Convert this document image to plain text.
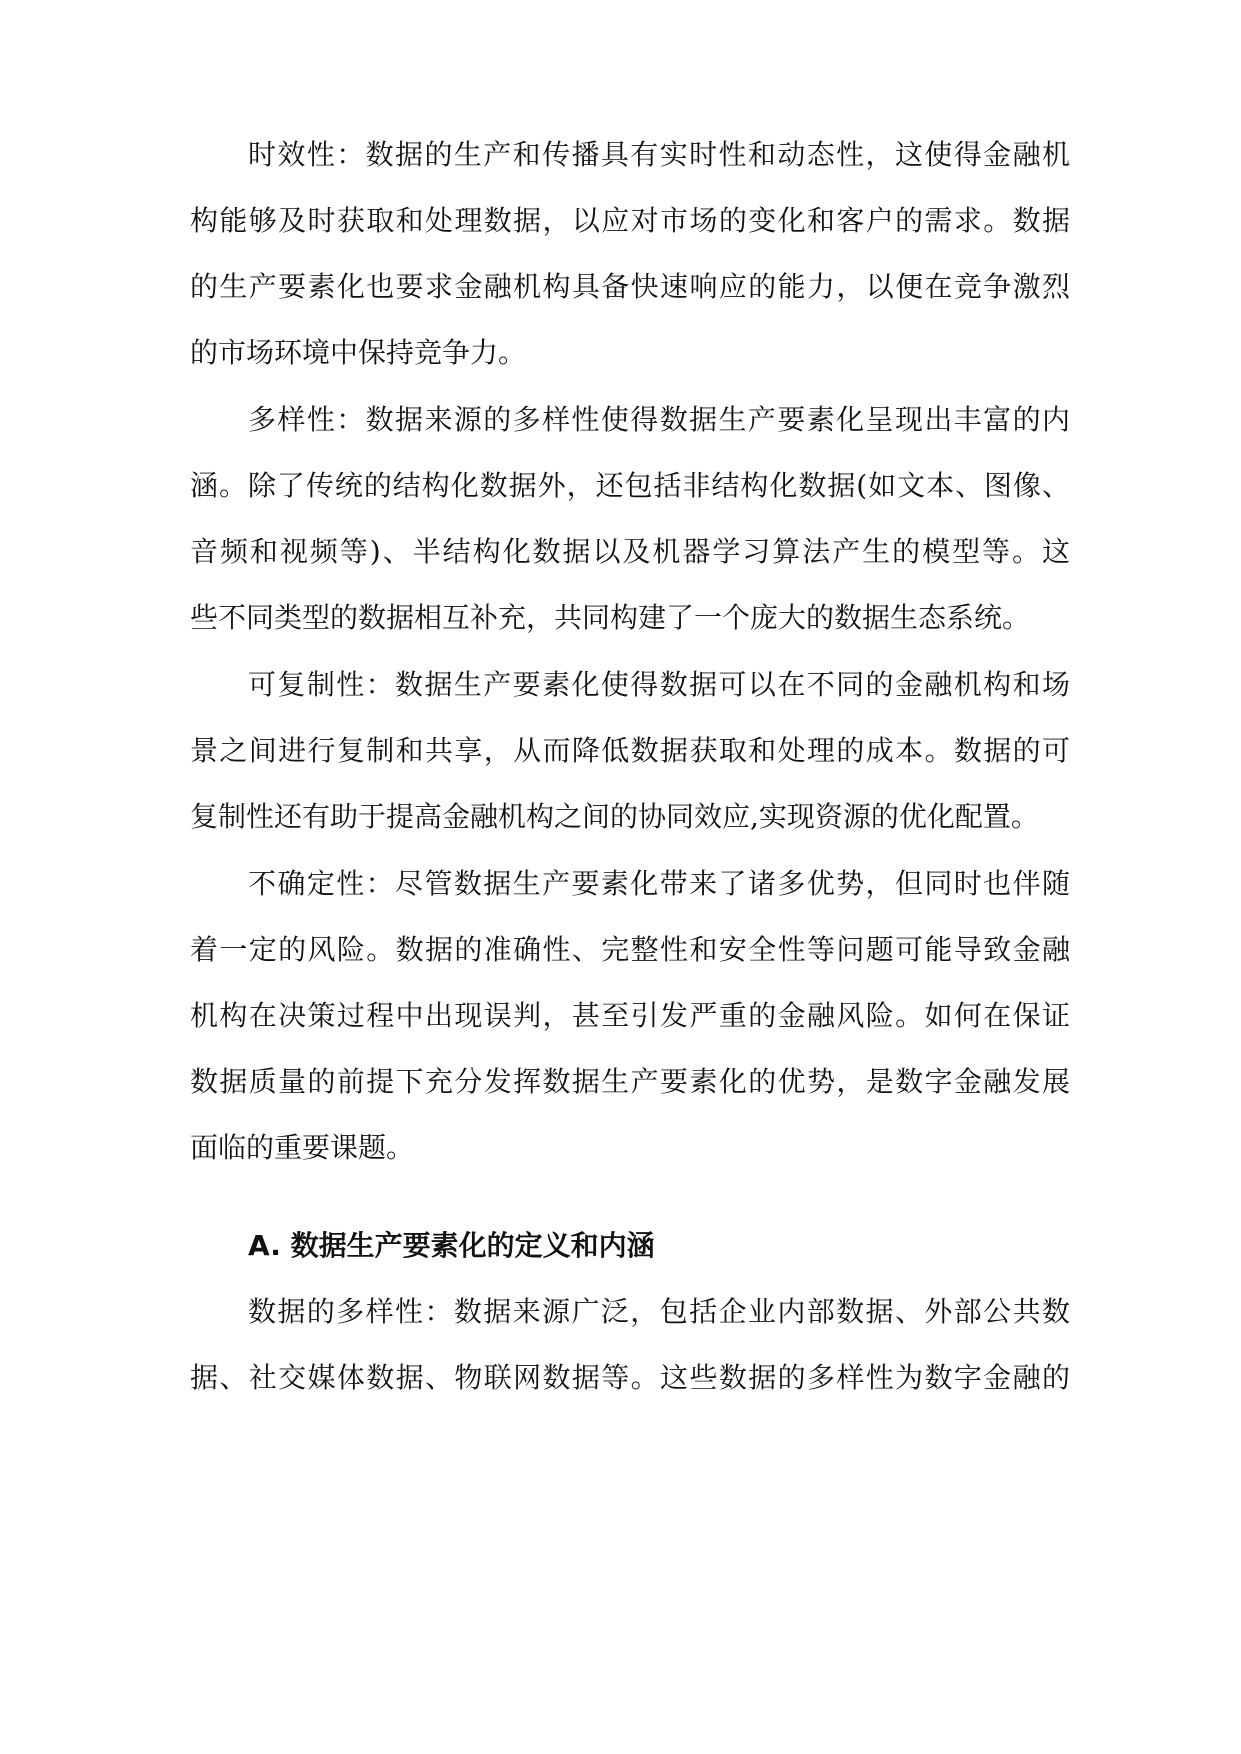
时效性：数据的生产和传播具有实时性和动态性，这使得金融机
构能够及时获取和处理数据，以应对市场的变化和客户的需求。数据
的生产要素化也要求金融机构具备快速响应的能力，以便在竞争激烈
的市场环境中保持竞争力。
多样性：数据来源的多样性使得数据生产要素化呈现出丰富的内
涵。除了传统的结构化数据外，还包括非结构化数据(如文本、图像、
音频和视频等)、半结构化数据以及机器学习算法产生的模型等。这
些不同类型的数据相互补充，共同构建了一个庞大的数据生态系统。
可复制性：数据生产要素化使得数据可以在不同的金融机构和场
景之间进行复制和共享，从而降低数据获取和处理的成本。数据的可
复制性还有助于提高金融机构之间的协同效应,实现资源的优化配置。
不确定性：尽管数据生产要素化带来了诸多优势，但同时也伴随
着一定的风险。数据的准确性、完整性和安全性等问题可能导致金融
机构在决策过程中出现误判，甚至引发严重的金融风险。如何在保证
数据质量的前提下充分发挥数据生产要素化的优势，是数字金融发展
面临的重要课题。
A. 数据生产要素化的定义和内涵
数据的多样性：数据来源广泛，包括企业内部数据、外部公共数
据、社交媒体数据、物联网数据等。这些数据的多样性为数字金融的
